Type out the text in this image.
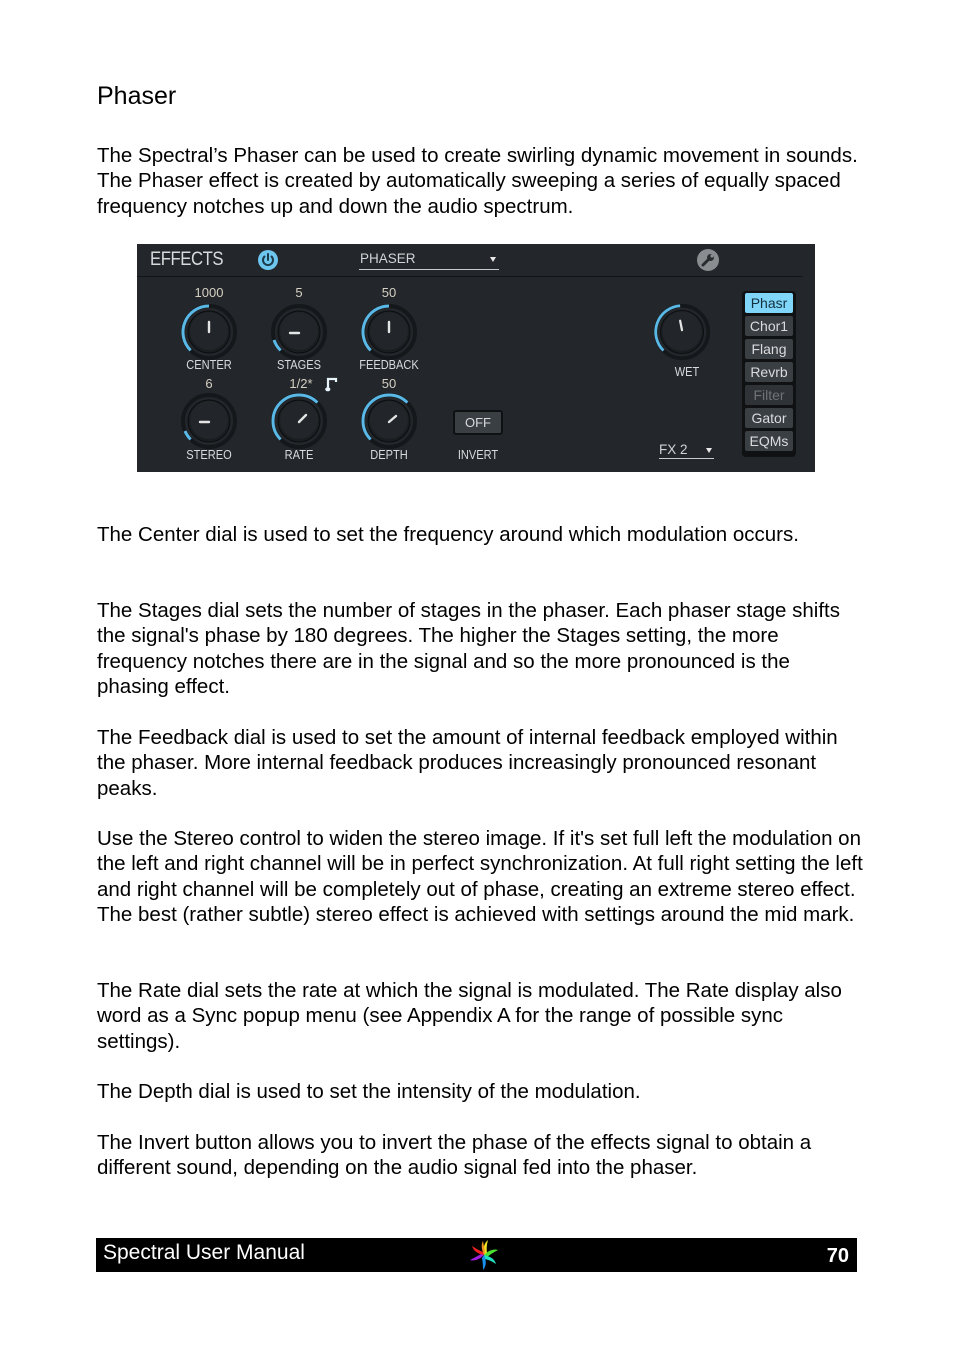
Phaser

The Spectral’s Phaser can be used to create swirling dynamic movement in sounds. The Phaser effect is created by automatically sweeping a series of equally spaced frequency notches up and down the audio spectrum.

EFFECTS	PHASER
1000
CENTER
5
STAGES
50
FEEDBACK
6
STEREO
1/2*
RATE
50
DEPTH
OFF
INVERT
WET
FX 2
Phasr
Chor1
Flang
Revrb
Filter
Gator
EQMs

The Center dial is used to set the frequency around which modulation occurs.

The Stages dial sets the number of stages in the phaser. Each phaser stage shifts the signal's phase by 180 degrees. The higher the Stages setting, the more frequency notches there are in the signal and so the more pronounced is the phasing effect.

The Feedback dial is used to set the amount of internal feedback employed within the phaser. More internal feedback produces increasingly pronounced resonant peaks.

Use the Stereo control to widen the stereo image. If it's set full left the modulation on the left and right channel will be in perfect synchronization. At full right setting the left and right channel will be completely out of phase, creating an extreme stereo effect. The best (rather subtle) stereo effect is achieved with settings around the mid mark.

The Rate dial sets the rate at which the signal is modulated. The Rate display also word as a Sync popup menu (see Appendix A for the range of possible sync settings).

The Depth dial is used to set the intensity of the modulation.

The Invert button allows you to invert the phase of the effects signal to obtain a different sound, depending on the audio signal fed into the phaser.

Spectral User Manual	70
